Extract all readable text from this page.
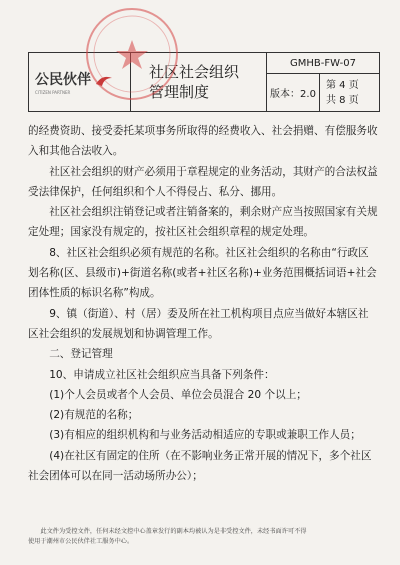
公民伙伴
CITIZEN PARTNER
社区社会组织
管理制度
GMHB-FW-07
版本：2.0
第 4 页
共 8 页

的经费资助、接受委托某项事务所取得的经费收入、社会捐赠、有偿服务收入和其他合法收入。

社区社会组织的财产必须用于章程规定的业务活动，其财产的合法权益受法律保护，任何组织和个人不得侵占、私分、挪用。

社区社会组织注销登记或者注销备案的，剩余财产应当按照国家有关规定处理；国家没有规定的，按社区社会组织章程的规定处理。

8、社区社会组织必须有规范的名称。社区社会组织的名称由“行政区划名称(区、县级市)+街道名称(或者+社区名称)+业务范围概括词语+社会团体性质的标识名称”构成。

9、镇（街道）、村（居）委及所在社工机构项目点应当做好本辖区社区社会组织的发展规划和协调管理工作。

二、登记管理

10、申请成立社区社会组织应当具备下列条件：

(1)个人会员或者个人会员、单位会员混合 20 个以上；

(2)有规范的名称；

(3)有相应的组织机构和与业务活动相适应的专职或兼职工作人员；

(4)在社区有固定的住所（在不影响业务正常开展的情况下，多个社区社会团体可以在同一活动场所办公）；

此文件为受控文件，任何未经文控中心盖章发行的副本均被认为是非受控文件，未经书面许可不得

使用于潮州市公民伙伴社工服务中心。
